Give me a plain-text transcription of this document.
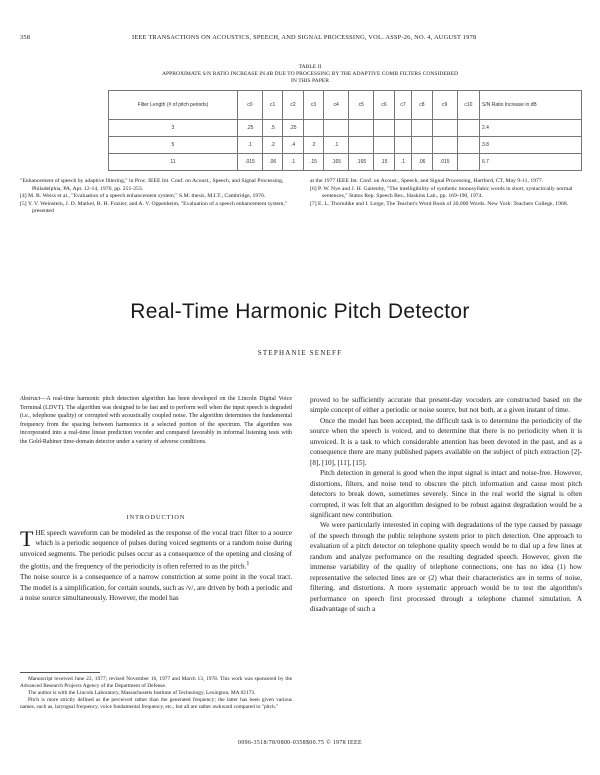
358	IEEE TRANSACTIONS ON ACOUSTICS, SPEECH, AND SIGNAL PROCESSING, VOL. ASSP-26, NO. 4, AUGUST 1978
TABLE II
APPROXIMATE S/N RATIO INCREASE IN dB DUE TO PROCESSING BY THE ADAPTIVE COMB FILTERS CONSIDERED
IN THIS PAPER
Filter Length (# of pitch periods)	c0	c1	c2	c3	c4	c5	c6	c7	c8	c9	c10	S/N Ratio Increase in dB
3	.25	.5	.25									2.4
5	.1	.2	.4	.2	.1							3.8
11	.015	.06	.1	.15	.165	.165	.15	.1	.06	.015		6.7

"Enhancement of speech by adaptive filtering," in Proc. IEEE Int. Conf. on Acoust., Speech, and Signal Processing, Philadelphia, PA, Apr. 12-14, 1976, pp. 251-253.

[4] M. R. Weiss et al., "Evaluation of a speech enhancement system," S.M. thesis, M.I.T., Cambridge, 1976.

[5] Y. V. Weinstein, J. D. Markel, R. H. Frazier, and A. V. Oppenheim, "Evaluation of a speech enhancement system," presented

at the 1977 IEEE Int. Conf. on Acoust., Speech, and Signal Processing, Hartford, CT, May 9-11, 1977.

[6] P. W. Nye and J. H. Gaitenby, "The intelligibility of synthetic monosyllabic words in short, syntactically normal sentences," Status Rep. Speech Res., Haskins Lab., pp. 169-190, 1974.

[7] E. L. Thorndike and I. Lorge, The Teacher's Word Book of 30,000 Words. New York: Teachers College, 1968.

Real-Time Harmonic Pitch Detector
STEPHANIE SENEFF
Abstract—A real-time harmonic pitch detection algorithm has been developed on the Lincoln Digital Voice Terminal (LDVT). The algorithm was designed to be fast and to perform well when the input speech is degraded (i.e., telephone quality) or corrupted with acoustically coupled noise. The algorithm determines the fundamental frequency from the spacing between harmonics in a selected portion of the spectrum. The algorithm was incorporated into a real-time linear prediction vocoder and compared favorably in informal listening tests with the Gold-Rabiner time-domain detector under a variety of adverse conditions.
INTRODUCTION

THE speech waveform can be modeled as the response of the vocal tract filter to a source which is a periodic sequence of pulses during voiced segments or a random noise during unvoiced segments. The periodic pulses occur as a consequence of the opening and closing of the glottis, and the frequency of the periodicity is often referred to as the pitch.$^1$

The noise source is a consequence of a narrow constriction at some point in the vocal tract. The model is a simplification, for certain sounds, such as /v/, are driven by both a periodic and a noise source simultaneously. However, the model has

Manuscript received June 22, 1977; revised November 16, 1977 and March 13, 1978. This work was sponsored by the Advanced Research Projects Agency of the Department of Defense.

The author is with the Lincoln Laboratory, Massachusetts Institute of Technology, Lexington, MA 02173.

Pitch is more strictly defined as the perceived rather than the generated frequency; the latter has been given various names, such as, laryngeal frequency, voice fundamental frequency, etc., but all are rather awkward compared to "pitch."

proved to be sufficiently accurate that present-day vocoders are constructed based on the simple concept of either a periodic or noise source, but not both, at a given instant of time.

Once the model has been accepted, the difficult task is to determine the periodicity of the source when the speech is voiced, and to determine that there is no periodicity when it is unvoiced. It is a task to which considerable attention has been devoted in the past, and as a consequence there are many published papers available on the subject of pitch extraction [2]-[8], [10], [11], [15].

Pitch detection in general is good when the input signal is intact and noise-free. However, distortions, filters, and noise tend to obscure the pitch information and cause most pitch detectors to break down, sometimes severely. Since in the real world the signal is often corrupted, it was felt that an algorithm designed to be robust against degradation would be a significant new contribution.

We were particularly interested in coping with degradations of the type caused by passage of the speech through the public telephone system prior to pitch detection. One approach to evaluation of a pitch detector on telephone quality speech would be to dial up a few lines at random and analyze performance on the resulting degraded speech. However, given the immense variability of the quality of telephone connections, one has no idea (1) how representative the selected lines are or (2) what their characteristics are in terms of noise, filtering, and distortions. A more systematic approach would be to test the algorithm's performance on speech first processed through a telephone channel simulation. A disadvantage of such a

0096-3518/78/0800-0358$00.75 © 1978 IEEE
